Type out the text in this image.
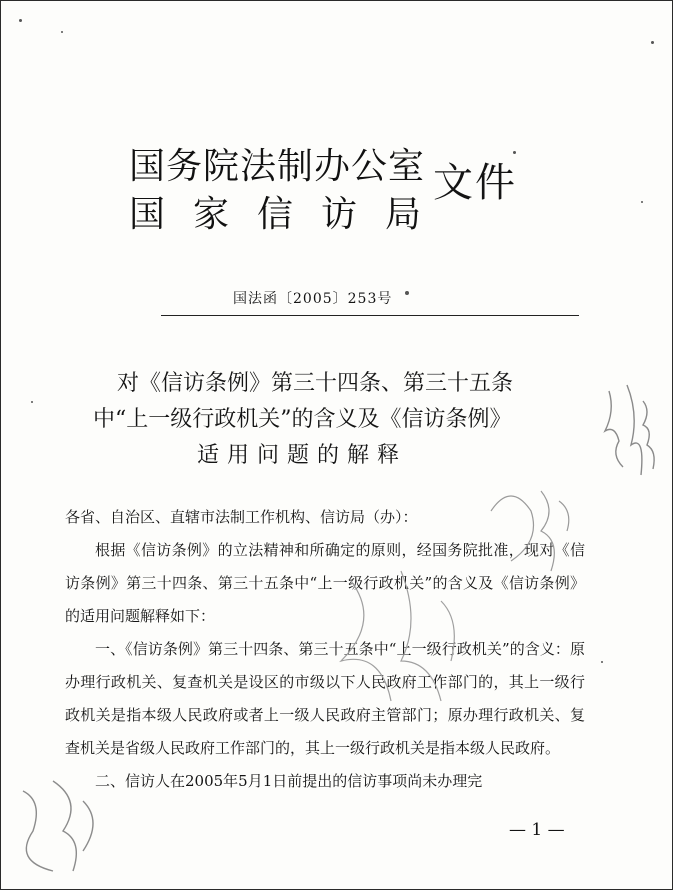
国务院法制办公室
国家信访局
文件
国法函〔2005〕253号
对《信访条例》第三十四条、第三十五条
中“上一级行政机关”的含义及《信访条例》
适用问题的解释

各省、自治区、直辖市法制工作机构、信访局（办）：

根据《信访条例》的立法精神和所确定的原则，经国务院批准，现对《信访条例》第三十四条、第三十五条中“上一级行政机关”的含义及《信访条例》的适用问题解释如下：

一、《信访条例》第三十四条、第三十五条中“上一级行政机关”的含义：原办理行政机关、复查机关是设区的市级以下人民政府工作部门的，其上一级行政机关是指本级人民政府或者上一级人民政府主管部门；原办理行政机关、复查机关是省级人民政府工作部门的，其上一级行政机关是指本级人民政府。

二、信访人在2005年5月1日前提出的信访事项尚未办理完

— 1 —
